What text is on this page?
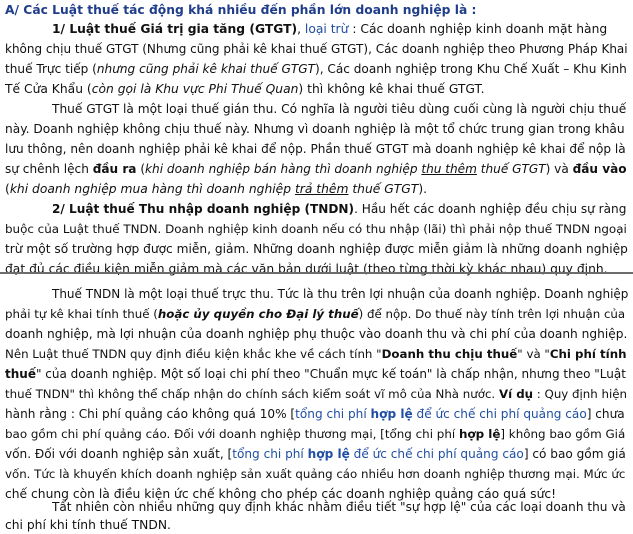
A/ Các Luật thuế tác động khá nhiều đến phần lớn doanh nghiệp là :
1/ Luật thuế Giá trị gia tăng (GTGT), loại trừ : Các doanh nghiệp kinh doanh mặt hàng
không chịu thuế GTGT (Nhưng cũng phải kê khai thuế GTGT), Các doanh nghiệp theo Phương Pháp Khai
thuế Trực tiếp (nhưng cũng phải kê khai thuế GTGT), Các doanh nghiệp trong Khu Chế Xuất – Khu Kinh
Tế Cửa Khẩu (còn gọi là Khu vực Phi Thuế Quan) thì không kê khai thuế GTGT.
Thuế GTGT là một loại thuế gián thu. Có nghĩa là người tiêu dùng cuối cùng là người chịu thuế
này. Doanh nghiệp không chịu thuế này. Nhưng vì doanh nghiệp là một tổ chức trung gian trong khâu
lưu thông, nên doanh nghiệp phải kê khai để nộp. Phần thuế GTGT mà doanh nghiệp kê khai để nộp là
sự chênh lệch đầu ra (khi doanh nghiệp bán hàng thì doanh nghiệp thu thêm thuế GTGT) và đầu vào
(khi doanh nghiệp mua hàng thì doanh nghiệp trả thêm thuế GTGT).
2/ Luật thuế Thu nhập doanh nghiệp (TNDN). Hầu hết các doanh nghiệp đều chịu sự ràng
buộc của Luật thuế TNDN. Doanh nghiệp kinh doanh nếu có thu nhập (lãi) thì phải nộp thuế TNDN ngoại
trừ một số trường hợp được miễn, giảm. Những doanh nghiệp được miễn giảm là những doanh nghiệp
đạt đủ các điều kiện miễn giảm mà các văn bản dưới luật (theo từng thời kỳ khác nhau) quy định.
Thuế TNDN là một loại thuế trực thu. Tức là thu trên lợi nhuận của doanh nghiệp. Doanh nghiệp
phải tự kê khai tính thuế (hoặc ủy quyền cho Đại lý thuế) để nộp. Do thuế này tính trên lợi nhuận của
doanh nghiệp, mà lợi nhuận của doanh nghiệp phụ thuộc vào doanh thu và chi phí của doanh nghiệp.
Nên Luật thuế TNDN quy định điều kiện khắc khe về cách tính "Doanh thu chịu thuế" và "Chi phí tính
thuế" của doanh nghiệp. Một số loại chi phí theo "Chuẩn mực kế toán" là chấp nhận, nhưng theo "Luật
thuế TNDN" thì không thể chấp nhận do chính sách kiểm soát vĩ mô của Nhà nước. Ví dụ : Quy định hiện
hành rằng : Chi phí quảng cáo không quá 10% [tổng chi phí hợp lệ để ức chế chi phí quảng cáo] chưa
bao gồm chi phí quảng cáo. Đối với doanh nghiệp thương mại, [tổng chi phí hợp lệ] không bao gồm Giá
vốn. Đối với doanh nghiệp sản xuất, [tổng chi phí hợp lệ để ức chế chi phí quảng cáo] có bao gồm giá
vốn. Tức là khuyến khích doanh nghiệp sản xuất quảng cáo nhiều hơn doanh nghiệp thương mại. Mức ức
chế chung còn là điều kiện ức chế không cho phép các doanh nghiệp quảng cáo quá sức!
Tất nhiên còn nhiều những quy định khác nhằm điều tiết "sự hợp lệ" của các loại doanh thu và
chi phí khi tính thuế TNDN.
